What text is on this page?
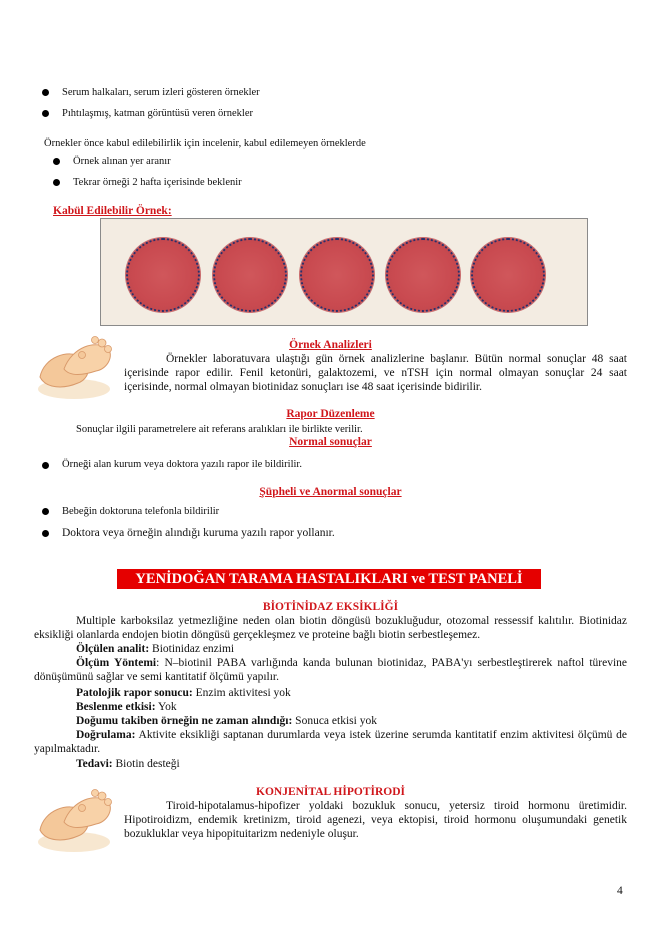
Serum halkaları, serum izleri gösteren örnekler
Pıhtılaşmış, katman görüntüsü veren örnekler
Örnekler önce kabul edilebilirlik için incelenir, kabul edilemeyen örneklerde
Örnek alınan yer aranır
Tekrar örneği 2 hafta içerisinde beklenir
Kabül Edilebilir Örnek:
Örnek Analizleri
Örnekler laboratuvara ulaştığı gün örnek analizlerine başlanır. Bütün normal sonuçlar 48 saat içerisinde rapor edilir. Fenil ketonüri, galaktozemi, ve nTSH için normal olmayan sonuçlar 24 saat içerisinde, normal olmayan biotinidaz sonuçları ise 48 saat içerisinde bidirilir.
Rapor Düzenleme
Sonuçlar ilgili parametrelere ait referans aralıkları ile birlikte verilir.
Normal sonuçlar
Örneği alan kurum veya doktora yazılı rapor ile bildirilir.
Şüpheli ve Anormal sonuçlar
Bebeğin doktoruna telefonla bildirilir
Doktora veya örneğin alındığı kuruma yazılı rapor yollanır.
YENİDOĞAN TARAMA HASTALIKLARI ve TEST PANELİ
BİOTİNİDAZ EKSİKLİĞİ
Multiple karboksilaz yetmezliğine neden olan biotin döngüsü bozukluğudur, otozomal ressessif kalıtılır. Biotinidaz eksikliği olanlarda endojen biotin döngüsü gerçekleşmez ve proteine bağlı biotin serbestleşemez.
Ölçülen analit: Biotinidaz enzimi
Ölçüm Yöntemi: N–biotinil PABA varlığında kanda bulunan biotinidaz, PABA'yı serbestleştirerek naftol türevine dönüşümünü sağlar ve semi kantitatif ölçümü yapılır.
Patolojik rapor sonucu: Enzim aktivitesi yok
Beslenme etkisi: Yok
Doğumu takiben örneğin ne zaman alındığı: Sonuca etkisi yok
Doğrulama: Aktivite eksikliği saptanan durumlarda veya istek üzerine serumda kantitatif enzim aktivitesi ölçümü de yapılmaktadır.
Tedavi: Biotin desteği
KONJENİTAL HİPOTİRODİ
Tiroid-hipotalamus-hipofizer yoldaki bozukluk sonucu, yetersiz tiroid hormonu üretimidir. Hipotiroidizm, endemik kretinizm, tiroid agenezi, veya ektopisi, tiroid hormonu oluşumundaki genetik bozukluklar veya hipopituitarizm nedeniyle oluşur.
4
